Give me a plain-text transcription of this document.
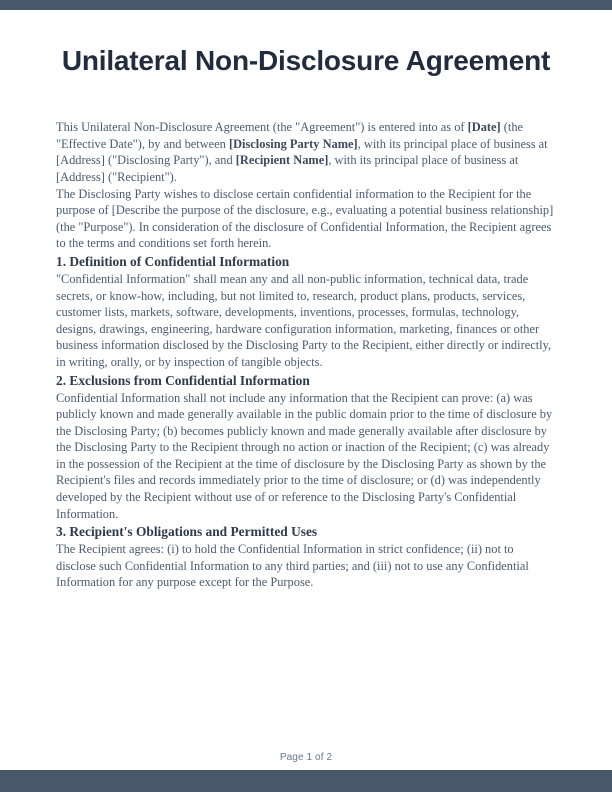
Unilateral Non-Disclosure Agreement

This Unilateral Non-Disclosure Agreement (the "Agreement") is entered into as of [Date] (the "Effective Date"), by and between [Disclosing Party Name], with its principal place of business at [Address] ("Disclosing Party"), and [Recipient Name], with its principal place of business at [Address] ("Recipient").

The Disclosing Party wishes to disclose certain confidential information to the Recipient for the purpose of [Describe the purpose of the disclosure, e.g., evaluating a potential business relationship] (the "Purpose"). In consideration of the disclosure of Confidential Information, the Recipient agrees to the terms and conditions set forth herein.

1. Definition of Confidential Information

"Confidential Information" shall mean any and all non-public information, technical data, trade secrets, or know-how, including, but not limited to, research, product plans, products, services, customer lists, markets, software, developments, inventions, processes, formulas, technology, designs, drawings, engineering, hardware configuration information, marketing, finances or other business information disclosed by the Disclosing Party to the Recipient, either directly or indirectly, in writing, orally, or by inspection of tangible objects.

2. Exclusions from Confidential Information

Confidential Information shall not include any information that the Recipient can prove: (a) was publicly known and made generally available in the public domain prior to the time of disclosure by the Disclosing Party; (b) becomes publicly known and made generally available after disclosure by the Disclosing Party to the Recipient through no action or inaction of the Recipient; (c) was already in the possession of the Recipient at the time of disclosure by the Disclosing Party as shown by the Recipient's files and records immediately prior to the time of disclosure; or (d) was independently developed by the Recipient without use of or reference to the Disclosing Party's Confidential Information.

3. Recipient's Obligations and Permitted Uses

The Recipient agrees: (i) to hold the Confidential Information in strict confidence; (ii) not to disclose such Confidential Information to any third parties; and (iii) not to use any Confidential Information for any purpose except for the Purpose.

Page 1 of 2
